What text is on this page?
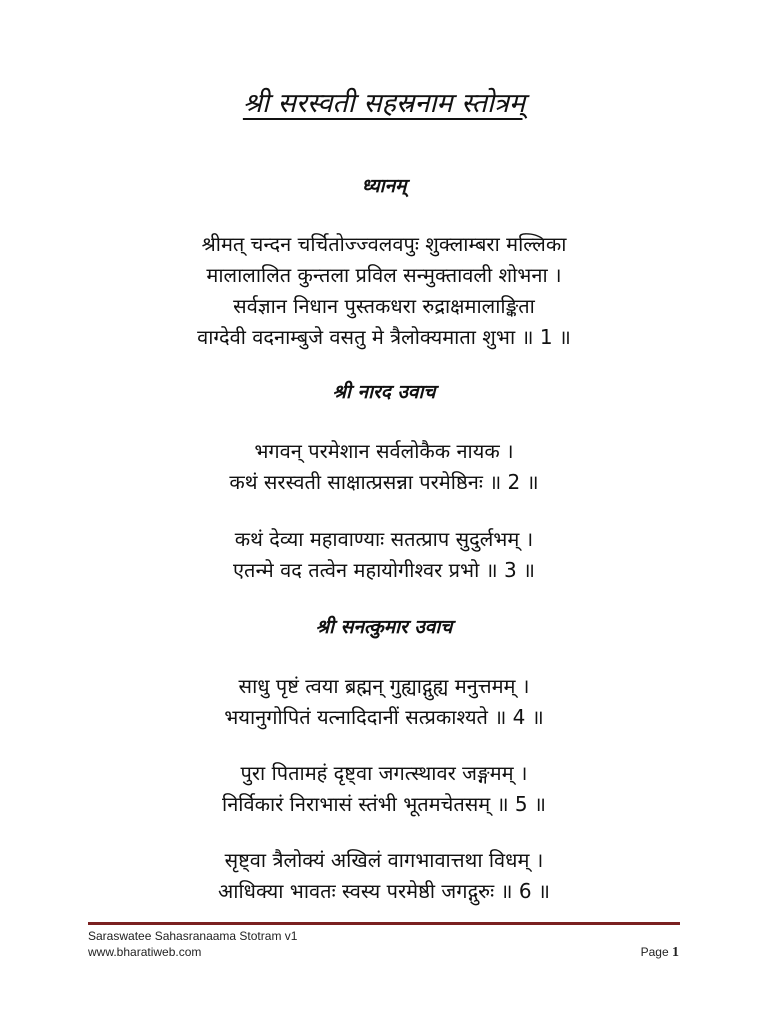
श्री सरस्वती सहस्रनाम स्तोत्रम्
ध्यानम्
श्रीमत् चन्दन चर्चितोज्ज्वलवपुः शुक्लाम्बरा मल्लिका
मालालालित कुन्तला प्रविल सन्मुक्तावली शोभना ।
सर्वज्ञान निधान पुस्तकधरा रुद्राक्षमालाङ्किता
वाग्देवी वदनाम्बुजे वसतु मे त्रैलोक्यमाता शुभा ॥ 1 ॥
श्री नारद उवाच
भगवन् परमेशान सर्वलोकैक नायक ।
कथं सरस्वती साक्षात्प्रसन्ना परमेष्ठिनः ॥ 2 ॥
कथं देव्या महावाण्याः सतत्प्राप सुदुर्लभम् ।
एतन्मे वद तत्वेन महायोगीश्वर प्रभो ॥ 3 ॥
श्री सनत्कुमार उवाच
साधु पृष्टं त्वया ब्रह्मन् गुह्याद्गुह्य मनुत्तमम् ।
भयानुगोपितं यत्नादिदानीं सत्प्रकाश्यते ॥ 4 ॥
पुरा पितामहं दृष्ट्वा जगत्स्थावर जङ्गमम् ।
निर्विकारं निराभासं स्तंभी भूतमचेतसम् ॥ 5 ॥
सृष्ट्वा त्रैलोक्यं अखिलं वागभावात्तथा विधम् ।
आधिक्या भावतः स्वस्य परमेष्ठी जगद्गुरुः ॥ 6 ॥
Saraswatee Sahasranaama Stotram v1
www.bharatiweb.com	Page 1
